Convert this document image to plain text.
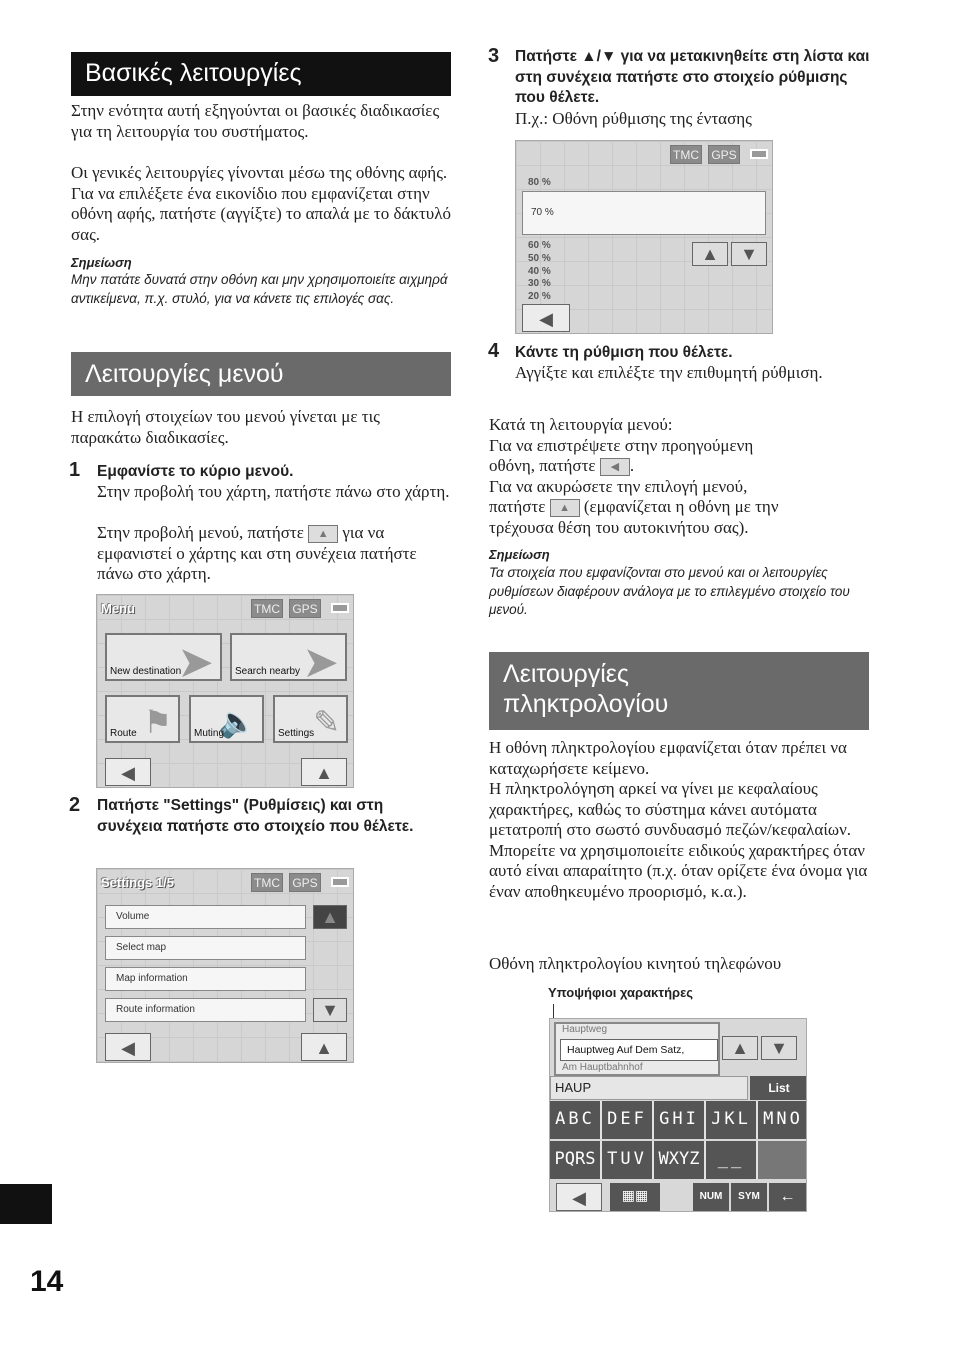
Βασικές λειτουργίες
Στην ενότητα αυτή εξηγούνται οι βασικές διαδικασίες για τη λειτουργία του συστήματος.
Οι γενικές λειτουργίες γίνονται μέσω της οθόνης αφής. Για να επιλέξετε ένα εικονίδιο που εμφανίζεται στην οθόνη αφής, πατήστε (αγγίξτε) το απαλά με το δάκτυλό σας.
Σημείωση
Μην πατάτε δυνατά στην οθόνη και μην χρησιμοποιείτε αιχμηρά αντικείμενα, π.χ. στυλό, για να κάνετε τις επιλογές σας.
Λειτουργίες μενού
Η επιλογή στοιχείων του μενού γίνεται με τις παρακάτω διαδικασίες.
1 Εμφανίστε το κύριο μενού.
Στην προβολή του χάρτη, πατήστε πάνω στο χάρτη.
Στην προβολή μενού, πατήστε ▲ για να εμφανιστεί ο χάρτης και στη συνέχεια πατήστε πάνω στο χάρτη.
Menu	TMC GPS
➤
New destination	➤
Search nearby
⚑
Route	🔈
Muting	✎
Settings
◀	▲
2 Πατήστε "Settings" (Ρυθμίσεις) και στη συνέχεια πατήστε στο στοιχείο που θέλετε.
Settings 1/5	TMC GPS
Volume
Select map
Map information
Route information
▲
▼
◀	▲
3 Πατήστε ▲/▼ για να μετακινηθείτε στη λίστα και στη συνέχεια πατήστε στο στοιχείο ρύθμισης που θέλετε.
Π.χ.: Οθόνη ρύθμισης της έντασης
TMC GPS
80 %
70 %
60 %
50 %
40 %
30 %
20 %
▲	▼
◀
4 Κάντε τη ρύθμιση που θέλετε.
Αγγίξτε και επιλέξτε την επιθυμητή ρύθμιση.
Κατά τη λειτουργία μενού:
Για να επιστρέψετε στην προηγούμενη
οθόνη, πατήστε ◀ .
Για να ακυρώσετε την επιλογή μενού,
πατήστε ▲ (εμφανίζεται η οθόνη με την
τρέχουσα θέση του αυτοκινήτου σας).
Σημείωση
Τα στοιχεία που εμφανίζονται στο μενού και οι λειτουργίες ρυθμίσεων διαφέρουν ανάλογα με το επιλεγμένο στοιχείο του μενού.
Λειτουργίες
πληκτρολογίου
Η οθόνη πληκτρολογίου εμφανίζεται όταν πρέπει να καταχωρήσετε κείμενο.
Η πληκτρολόγηση αρκεί να γίνει με κεφαλαίους χαρακτήρες, καθώς το σύστημα κάνει αυτόματα μετατροπή στο σωστό συνδυασμό πεζών/κεφαλαίων. Μπορείτε να χρησιμοποιείτε ειδικούς χαρακτήρες όταν αυτό είναι απαραίτητο (π.χ. όταν ορίζετε ένα όνομα για έναν αποθηκευμένο προορισμό, κ.α.).
Οθόνη πληκτρολογίου κινητού τηλεφώνου
Υποψήφιοι χαρακτήρες
Hauptweg
Hauptweg Auf Dem Satz,
Am Hauptbahnhof
▲	▼
HAUP	List
ABC DEF GHI JKL MNO
PQRS TUV WXYZ	__
◀	▦▦	NUM	SYM	←
14
